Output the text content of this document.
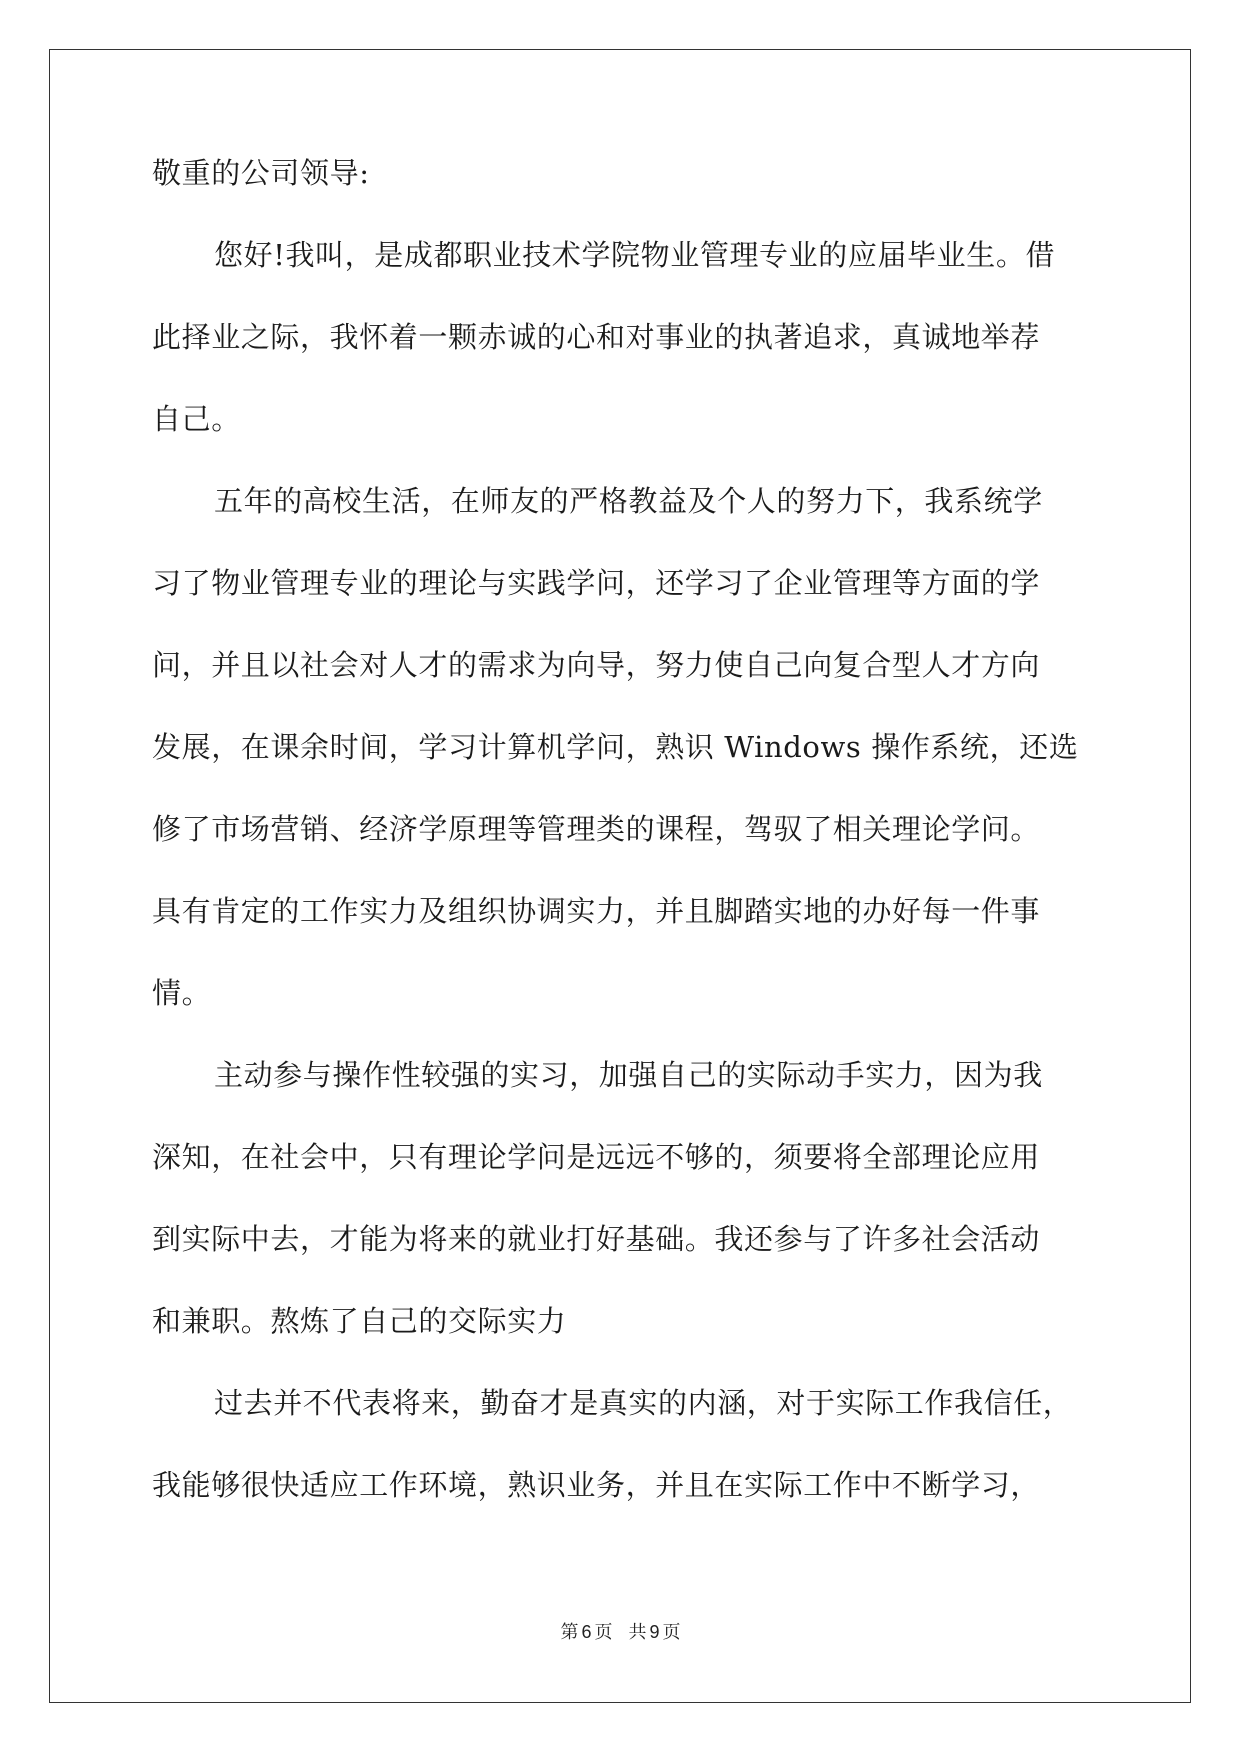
敬重的公司领导:
您好!我叫，是成都职业技术学院物业管理专业的应届毕业生。借
此择业之际，我怀着一颗赤诚的心和对事业的执著追求，真诚地举荐
自己。
五年的高校生活，在师友的严格教益及个人的努力下，我系统学
习了物业管理专业的理论与实践学问，还学习了企业管理等方面的学
问，并且以社会对人才的需求为向导，努力使自己向复合型人才方向
发展，在课余时间，学习计算机学问，熟识 Windows 操作系统，还选
修了市场营销、经济学原理等管理类的课程，驾驭了相关理论学问。
具有肯定的工作实力及组织协调实力，并且脚踏实地的办好每一件事
情。
主动参与操作性较强的实习，加强自己的实际动手实力，因为我
深知，在社会中，只有理论学问是远远不够的，须要将全部理论应用
到实际中去，才能为将来的就业打好基础。我还参与了许多社会活动
和兼职。熬炼了自己的交际实力
过去并不代表将来，勤奋才是真实的内涵，对于实际工作我信任，
我能够很快适应工作环境，熟识业务，并且在实际工作中不断学习，
第 6 页 共 9 页
